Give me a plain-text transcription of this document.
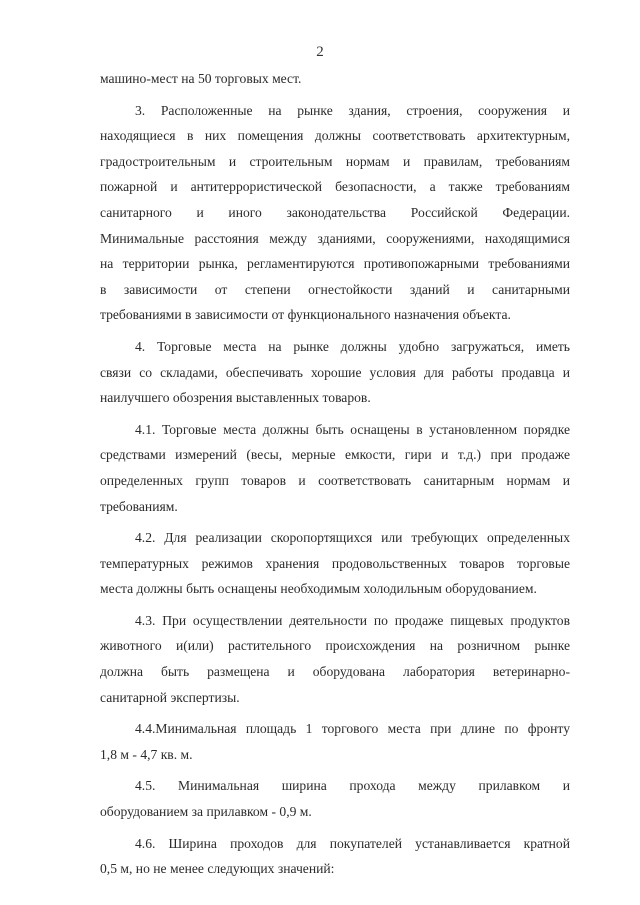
2
машино-мест на 50 торговых мест.
3. Расположенные на рынке здания, строения, сооружения и
находящиеся в них помещения должны соответствовать архитектурным,
градостроительным и строительным нормам и правилам, требованиям
пожарной и антитеррористической безопасности, а также требованиям
санитарного и иного законодательства Российской Федерации.
Минимальные расстояния между зданиями, сооружениями, находящимися
на территории рынка, регламентируются противопожарными требованиями
в зависимости от степени огнестойкости зданий и санитарными
требованиями в зависимости от функционального назначения объекта.
4. Торговые места на рынке должны удобно загружаться, иметь
связи со складами, обеспечивать хорошие условия для работы продавца и
наилучшего обозрения выставленных товаров.
4.1. Торговые места должны быть оснащены в установленном порядке
средствами измерений (весы, мерные емкости, гири и т.д.) при продаже
определенных групп товаров и соответствовать санитарным нормам и
требованиям.
4.2. Для реализации скоропортящихся или требующих определенных
температурных режимов хранения продовольственных товаров торговые
места должны быть оснащены необходимым холодильным оборудованием.
4.3. При осуществлении деятельности по продаже пищевых продуктов
животного и(или) растительного происхождения на розничном рынке
должна быть размещена и оборудована лаборатория ветеринарно-
санитарной экспертизы.
4.4.Минимальная площадь 1 торгового места при длине по фронту
1,8 м - 4,7 кв. м.
4.5. Минимальная ширина прохода между прилавком и
оборудованием за прилавком - 0,9 м.
4.6. Ширина проходов для покупателей устанавливается кратной
0,5 м, но не менее следующих значений:
